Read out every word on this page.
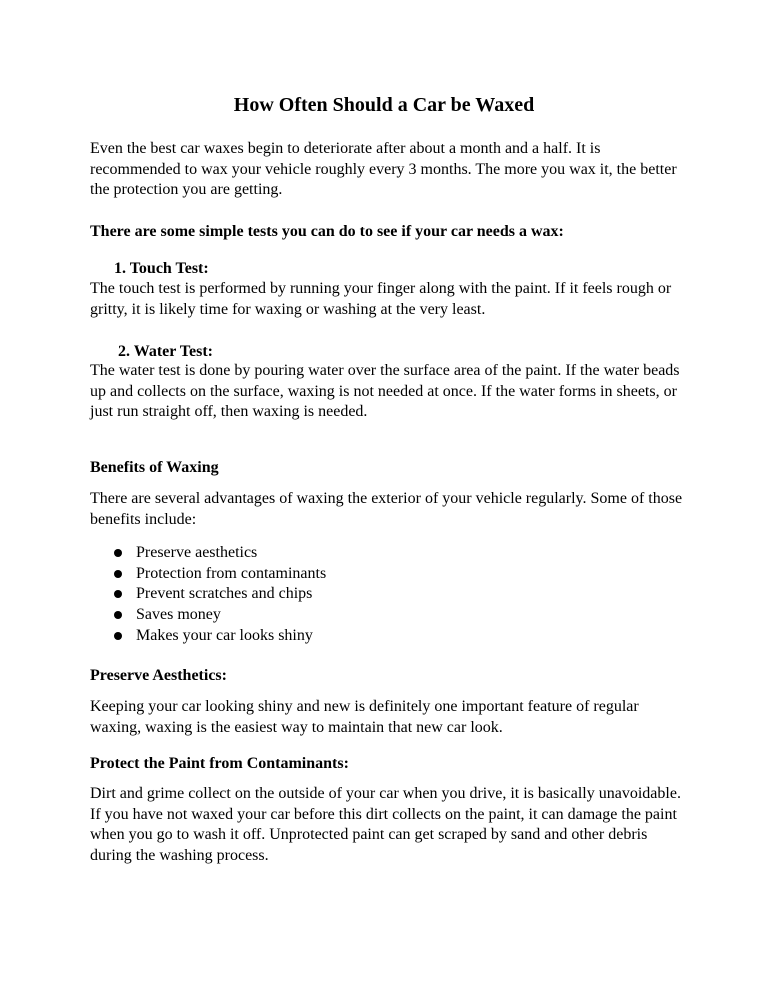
How Often Should a Car be Waxed

Even the best car waxes begin to deteriorate after about a month and a half. It is recommended to wax your vehicle roughly every 3 months. The more you wax it, the better the protection you are getting.

There are some simple tests you can do to see if your car needs a wax:

1. Touch Test:

The touch test is performed by running your finger along with the paint. If it feels rough or gritty, it is likely time for waxing or washing at the very least.

2. Water Test:

The water test is done by pouring water over the surface area of the paint. If the water beads up and collects on the surface, waxing is not needed at once. If the water forms in sheets, or just run straight off, then waxing is needed.

Benefits of Waxing

There are several advantages of waxing the exterior of your vehicle regularly. Some of those benefits include:

Preserve aesthetics
Protection from contaminants
Prevent scratches and chips
Saves money
Makes your car looks shiny

Preserve Aesthetics:

Keeping your car looking shiny and new is definitely one important feature of regular waxing, waxing is the easiest way to maintain that new car look.

Protect the Paint from Contaminants:

Dirt and grime collect on the outside of your car when you drive, it is basically unavoidable. If you have not waxed your car before this dirt collects on the paint, it can damage the paint when you go to wash it off. Unprotected paint can get scraped by sand and other debris during the washing process.
